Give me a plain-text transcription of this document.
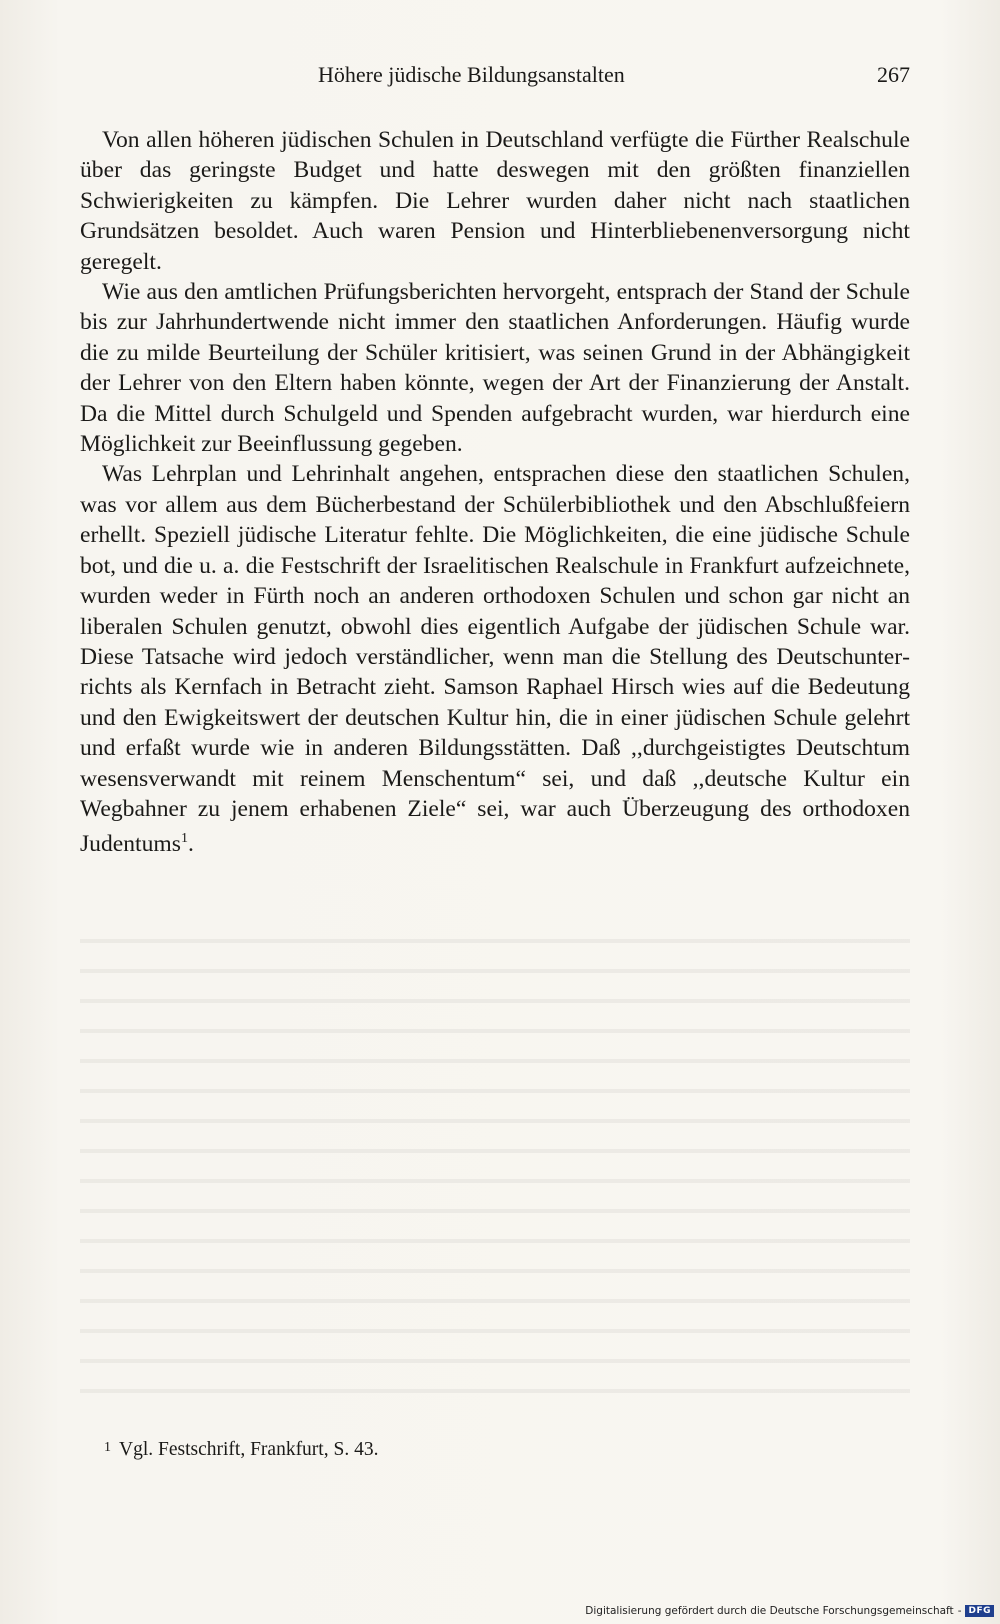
Höhere jüdische Bildungsanstalten	267

Von allen höheren jüdischen Schulen in Deutschland verfügte die Fürther Realschule über das geringste Budget und hatte deswegen mit den größten finanziellen Schwierigkeiten zu kämpfen. Die Lehrer wurden daher nicht nach staatlichen Grundsätzen besoldet. Auch waren Pension und Hinterbliebenenversorgung nicht geregelt.

Wie aus den amtlichen Prüfungsberichten hervorgeht, entsprach der Stand der Schule bis zur Jahrhundertwende nicht immer den staatlichen Anforderungen. Häufig wurde die zu milde Beurteilung der Schüler kritisiert, was seinen Grund in der Abhängigkeit der Lehrer von den Eltern haben könnte, wegen der Art der Finanzierung der Anstalt. Da die Mittel durch Schulgeld und Spenden aufgebracht wurden, war hierdurch eine Möglichkeit zur Beeinflussung gegeben.

Was Lehrplan und Lehrinhalt angehen, entsprachen diese den staatlichen Schulen, was vor allem aus dem Bücherbestand der Schülerbibliothek und den Abschlußfeiern erhellt. Speziell jüdische Literatur fehlte. Die Möglichkeiten, die eine jüdische Schule bot, und die u. a. die Festschrift der Israelitischen Realschule in Frankfurt aufzeichnete, wurden weder in Fürth noch an anderen orthodoxen Schulen und schon gar nicht an liberalen Schulen genutzt, obwohl dies eigentlich Aufgabe der jüdischen Schule war. Diese Tatsache wird jedoch verständlicher, wenn man die Stellung des Deutschunterrichts als Kernfach in Betracht zieht. Samson Raphael Hirsch wies auf die Bedeutung und den Ewigkeitswert der deutschen Kultur hin, die in einer jüdischen Schule gelehrt und erfaßt wurde wie in anderen Bildungsstätten. Daß ,,durchgeistigtes Deutschtum wesensverwandt mit reinem Menschentum“ sei, und daß ,,deutsche Kultur ein Wegbahner zu jenem erhabenen Ziele“ sei, war auch Überzeugung des orthodoxen Judentums$^1$.

$^1$ Vgl. Festschrift, Frankfurt, S. 43.
Digitalisierung gefördert durch die Deutsche Forschungsgemeinschaft - DFG
